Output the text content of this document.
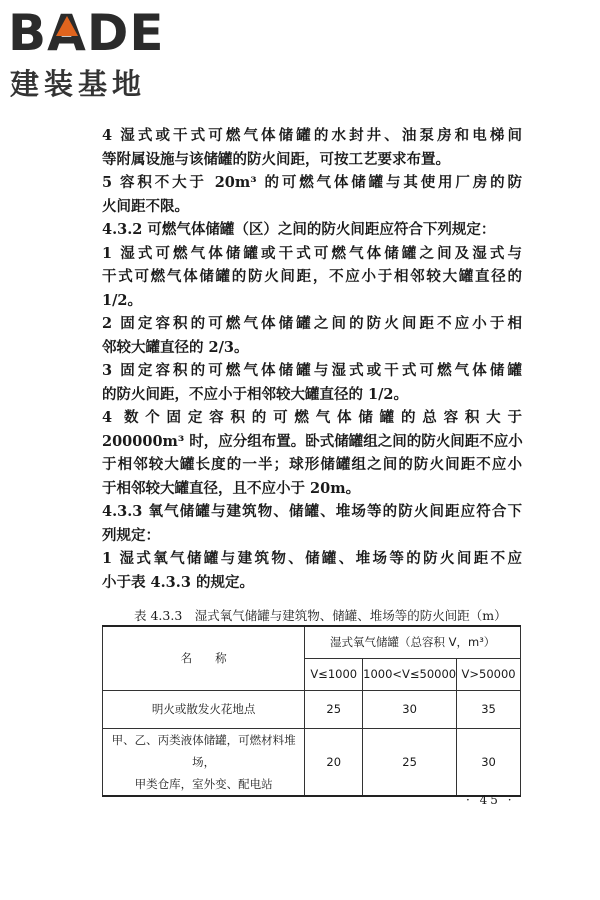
BA
DE
建装基地
4 湿式或干式可燃气体储罐的水封井、油泵房和电梯间
等附属设施与该储罐的防火间距，可按工艺要求布置。
5 容积不大于 20m³ 的可燃气体储罐与其使用厂房的防
火间距不限。
4.3.2 可燃气体储罐（区）之间的防火间距应符合下列规定：
1 湿式可燃气体储罐或干式可燃气体储罐之间及湿式与
干式可燃气体储罐的防火间距，不应小于相邻较大罐直径的
1/2。
2 固定容积的可燃气体储罐之间的防火间距不应小于相
邻较大罐直径的 2/3。
3 固定容积的可燃气体储罐与湿式或干式可燃气体储罐
的防火间距，不应小于相邻较大罐直径的 1/2。
4 数个固定容积的可燃气体储罐的总容积大于
200000m³ 时，应分组布置。卧式储罐组之间的防火间距不应小
于相邻较大罐长度的一半；球形储罐组之间的防火间距不应小
于相邻较大罐直径，且不应小于 20m。
4.3.3 氧气储罐与建筑物、储罐、堆场等的防火间距应符合下
列规定：
1 湿式氧气储罐与建筑物、储罐、堆场等的防火间距不应
小于表 4.3.3 的规定。
表 4.3.3　湿式氧气储罐与建筑物、储罐、堆场等的防火间距（m）
名　　称	湿式氧气储罐（总容积 V，m³）		
	V≤1000	1000<V≤50000	V>50000

明火或散发火花地点	25	30	35

甲、乙、丙类液体储罐，可燃材料堆场，
甲类仓库，室外变、配电站	20	25	30
· 45 ·
